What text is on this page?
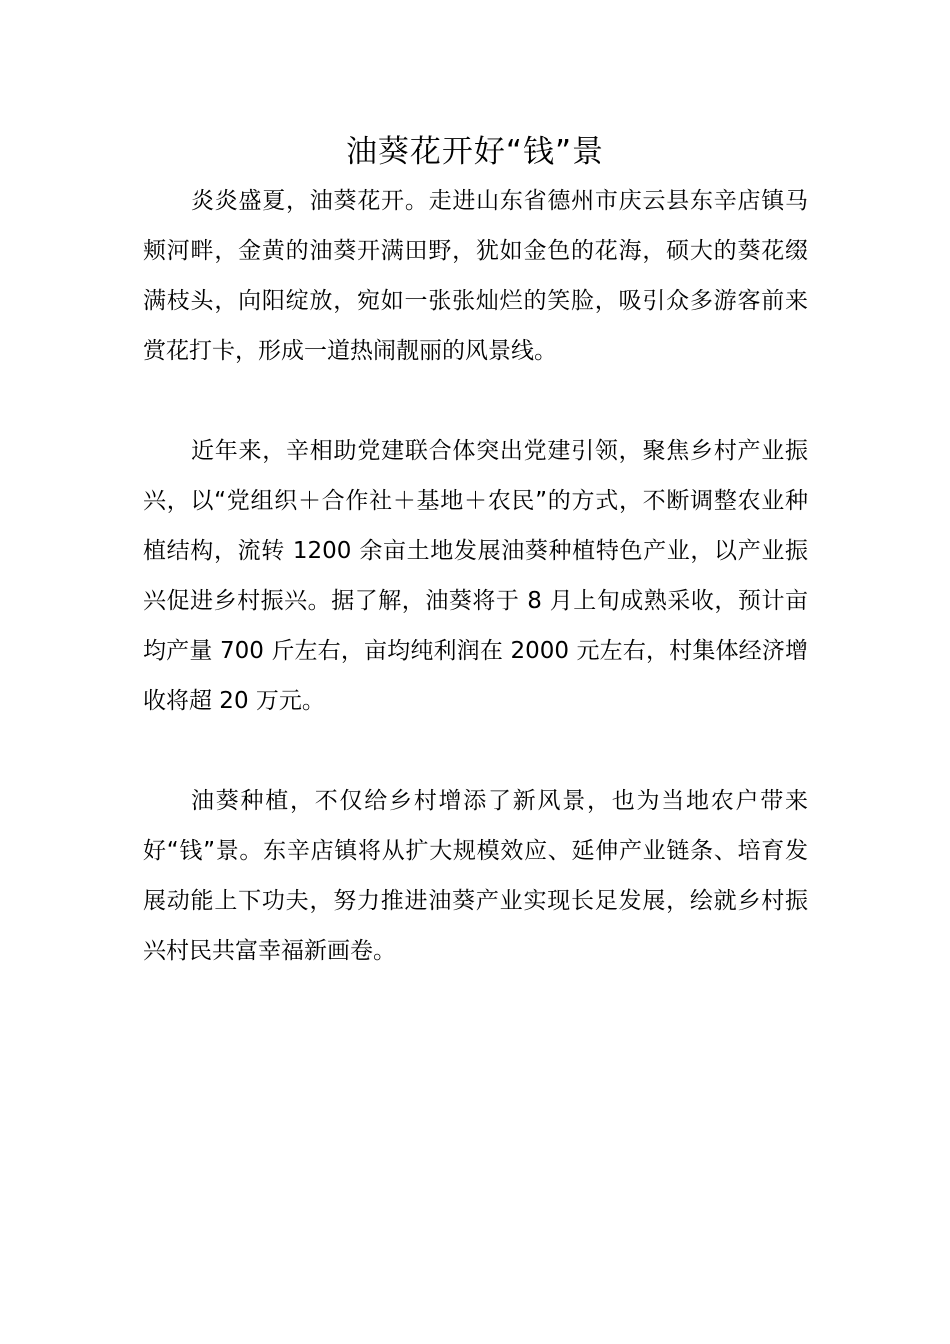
油葵花开好“钱”景

炎炎盛夏，油葵花开。走进山东省德州市庆云县东辛店镇马颊河畔，金黄的油葵开满田野，犹如金色的花海，硕大的葵花缀满枝头，向阳绽放，宛如一张张灿烂的笑脸，吸引众多游客前来赏花打卡，形成一道热闹靓丽的风景线。

近年来，辛相助党建联合体突出党建引领，聚焦乡村产业振兴，以“党组织＋合作社＋基地＋农民”的方式，不断调整农业种植结构，流转 1200 余亩土地发展油葵种植特色产业，以产业振兴促进乡村振兴。据了解，油葵将于 8 月上旬成熟采收，预计亩均产量 700 斤左右，亩均纯利润在 2000 元左右，村集体经济增收将超 20 万元。

油葵种植，不仅给乡村增添了新风景，也为当地农户带来好“钱”景。东辛店镇将从扩大规模效应、延伸产业链条、培育发展动能上下功夫，努力推进油葵产业实现长足发展，绘就乡村振兴村民共富幸福新画卷。
